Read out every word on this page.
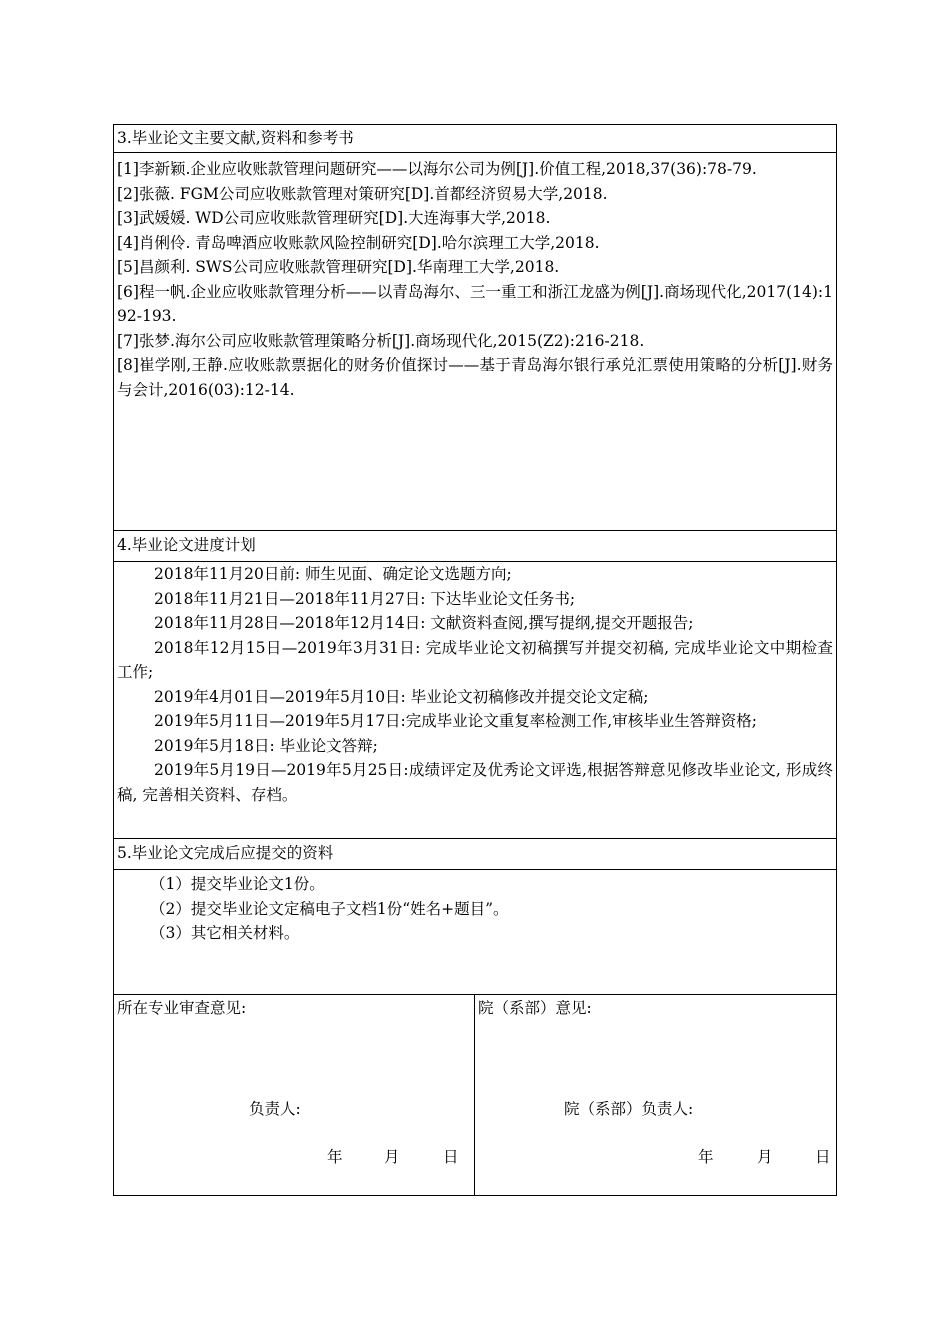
3.毕业论文主要文献,资料和参考书

[1]李新颖.企业应收账款管理问题研究——以海尔公司为例[J].价值工程,2018,37(36):78-79.

[2]张薇. FGM公司应收账款管理对策研究[D].首都经济贸易大学,2018.

[3]武媛媛. WD公司应收账款管理研究[D].大连海事大学,2018.

[4]肖俐伶. 青岛啤酒应收账款风险控制研究[D].哈尔滨理工大学,2018.

[5]昌颜利. SWS公司应收账款管理研究[D].华南理工大学,2018.

[6]程一帆.企业应收账款管理分析——以青岛海尔、三一重工和浙江龙盛为例[J].商场现代化,2017(14):192-193.

[7]张梦.海尔公司应收账款管理策略分析[J].商场现代化,2015(Z2):216-218.

[8]崔学刚,王静.应收账款票据化的财务价值探讨——基于青岛海尔银行承兑汇票使用策略的分析[J].财务与会计,2016(03):12-14.

4.毕业论文进度计划

2018年11月20日前: 师生见面、确定论文选题方向;

2018年11月21日—2018年11月27日: 下达毕业论文任务书;

2018年11月28日—2018年12月14日: 文献资料查阅,撰写提纲,提交开题报告;

2018年12月15日—2019年3月31日: 完成毕业论文初稿撰写并提交初稿, 完成毕业论文中期检查工作;

2019年4月01日—2019年5月10日: 毕业论文初稿修改并提交论文定稿;

2019年5月11日—2019年5月17日:完成毕业论文重复率检测工作,审核毕业生答辩资格;

2019年5月18日: 毕业论文答辩;

2019年5月19日—2019年5月25日:成绩评定及优秀论文评选,根据答辩意见修改毕业论文, 形成终稿, 完善相关资料、存档。

5.毕业论文完成后应提交的资料

（1）提交毕业论文1份。

（2）提交毕业论文定稿电子文档1份“姓名+题目”。

（3）其它相关材料。

所在专业审查意见:
负责人:
年	月	日
院（系部）意见:
院（系部）负责人:
年	月	日
